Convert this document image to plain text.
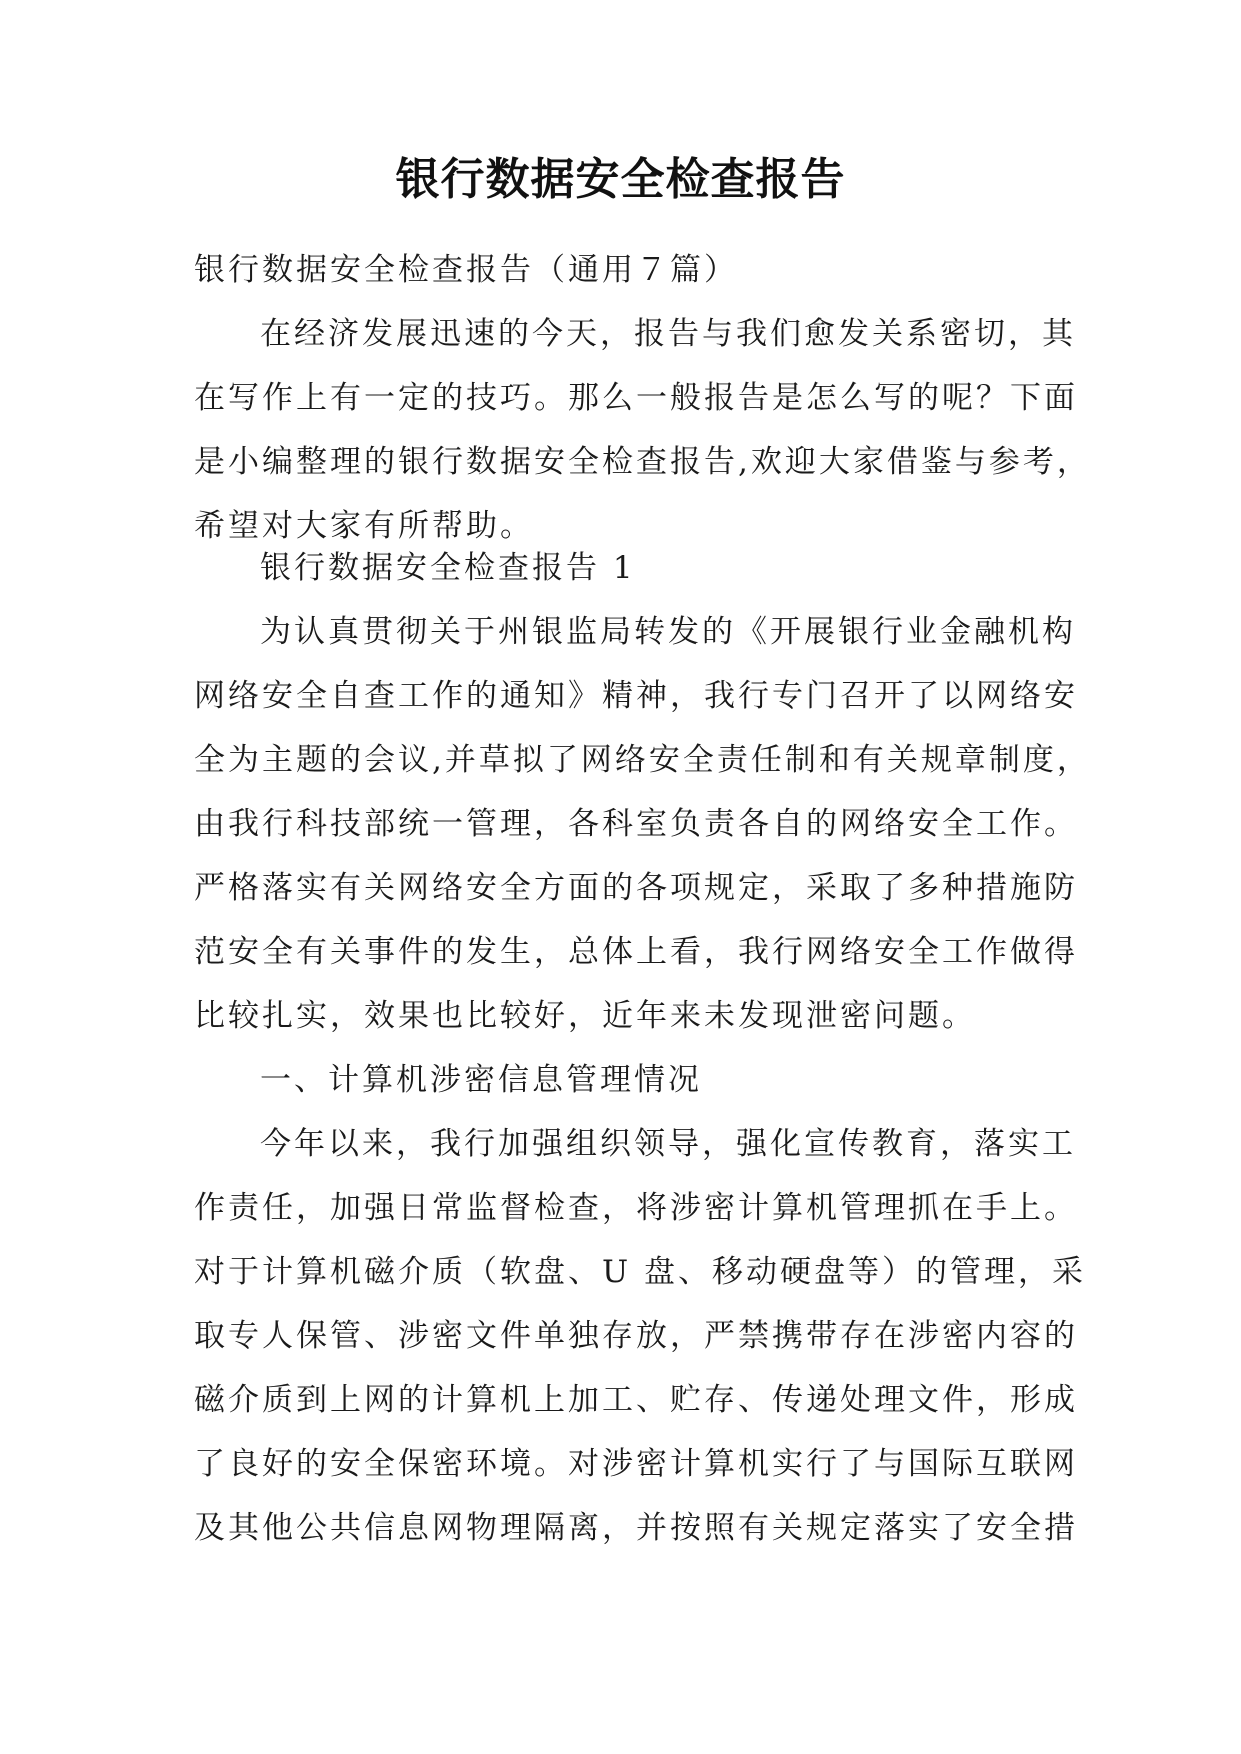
银行数据安全检查报告
银行数据安全检查报告（通用７篇）
在经济发展迅速的今天，报告与我们愈发关系密切，其
在写作上有一定的技巧。那么一般报告是怎么写的呢？下面
是小编整理的银行数据安全检查报告,欢迎大家借鉴与参考，
希望对大家有所帮助。
银行数据安全检查报告 1
为认真贯彻关于州银监局转发的《开展银行业金融机构
网络安全自查工作的通知》精神，我行专门召开了以网络安
全为主题的会议,并草拟了网络安全责任制和有关规章制度，
由我行科技部统一管理，各科室负责各自的网络安全工作。
严格落实有关网络安全方面的各项规定，采取了多种措施防
范安全有关事件的发生，总体上看，我行网络安全工作做得
比较扎实，效果也比较好，近年来未发现泄密问题。
一、计算机涉密信息管理情况
今年以来，我行加强组织领导，强化宣传教育，落实工
作责任，加强日常监督检查，将涉密计算机管理抓在手上。
对于计算机磁介质（软盘、U 盘、移动硬盘等）的管理，采
取专人保管、涉密文件单独存放，严禁携带存在涉密内容的
磁介质到上网的计算机上加工、贮存、传递处理文件，形成
了良好的安全保密环境。对涉密计算机实行了与国际互联网
及其他公共信息网物理隔离，并按照有关规定落实了安全措
